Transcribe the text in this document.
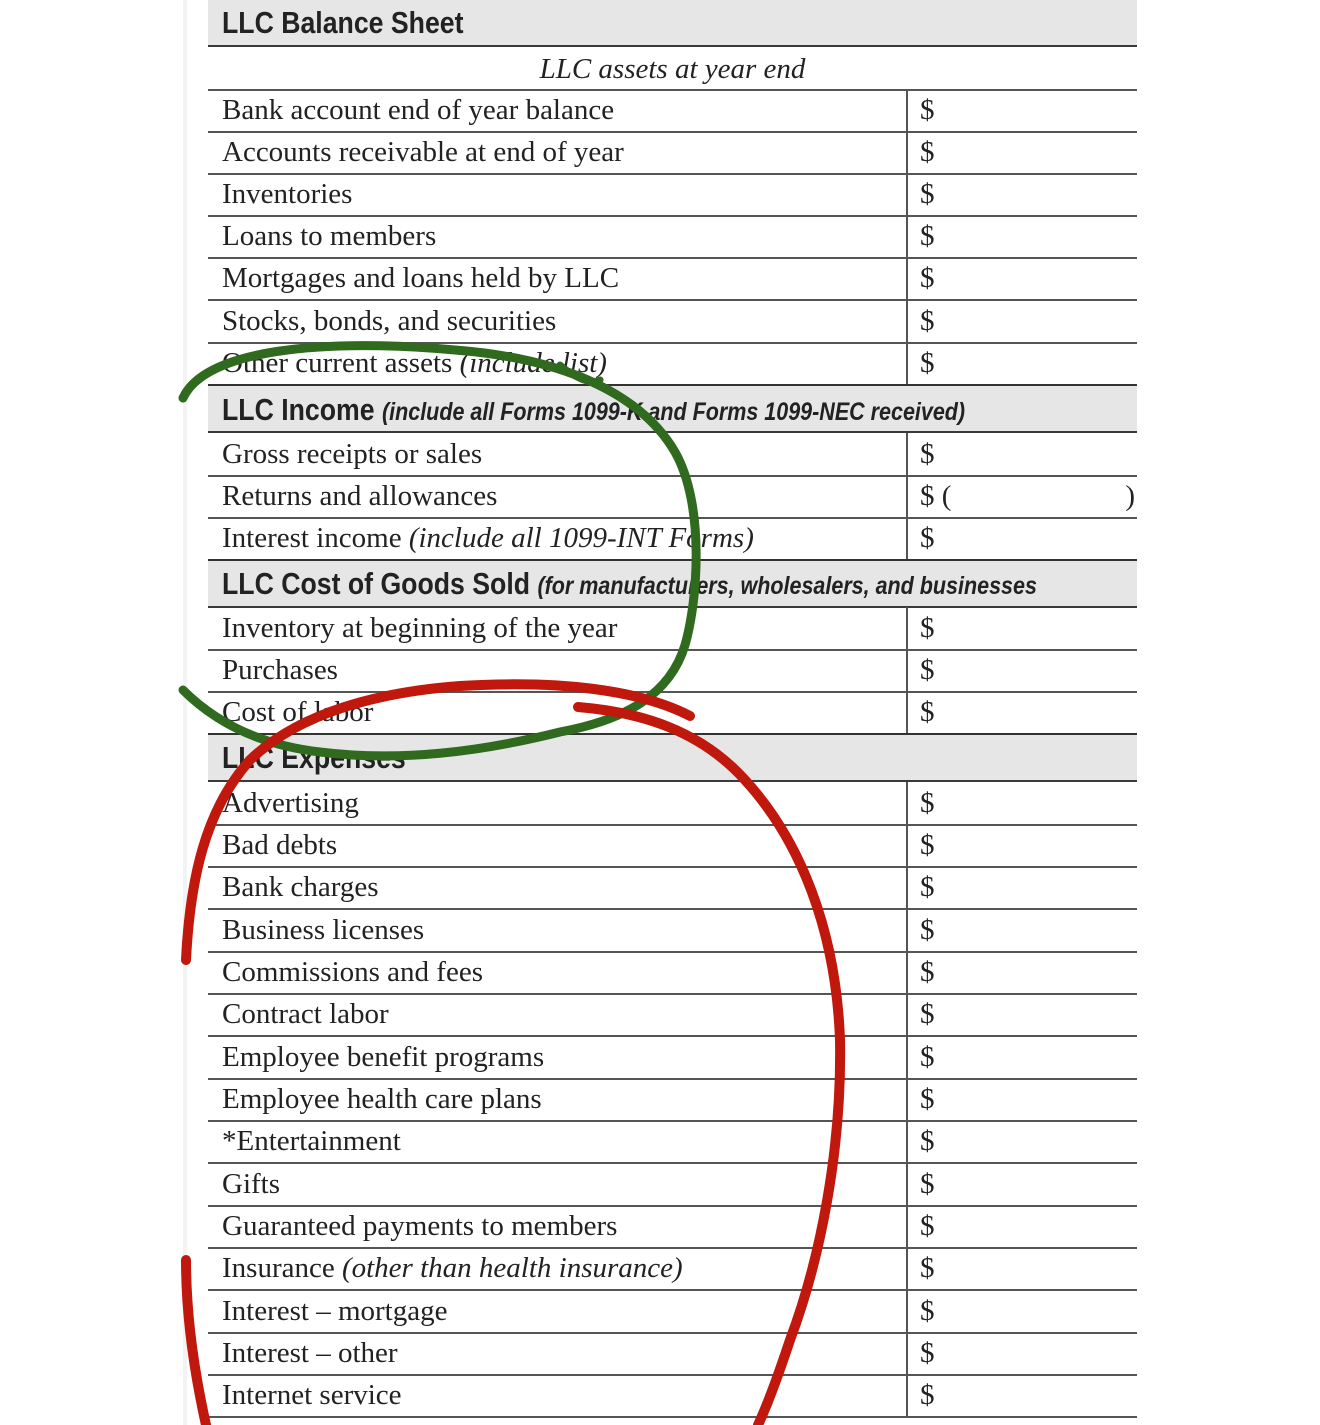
LLC Balance Sheet
LLC assets at year end
Bank account end of year balance	$
Accounts receivable at end of year	$
Inventories	$
Loans to members	$
Mortgages and loans held by LLC	$
Stocks, bonds, and securities	$
Other current assets (include list)	$
LLC Income (include all Forms 1099-K and Forms 1099-NEC received)
Gross receipts or sales	$
Returns and allowances	$ (	)
Interest income (include all 1099-INT Forms)	$
LLC Cost of Goods Sold (for manufacturers, wholesalers, and businesses
Inventory at beginning of the year	$
Purchases	$
Cost of labor	$
LLC Expenses
Advertising	$
Bad debts	$
Bank charges	$
Business licenses	$
Commissions and fees	$
Contract labor	$
Employee benefit programs	$
Employee health care plans	$
*Entertainment	$
Gifts	$
Guaranteed payments to members	$
Insurance (other than health insurance)	$
Interest – mortgage	$
Interest – other	$
Internet service	$
